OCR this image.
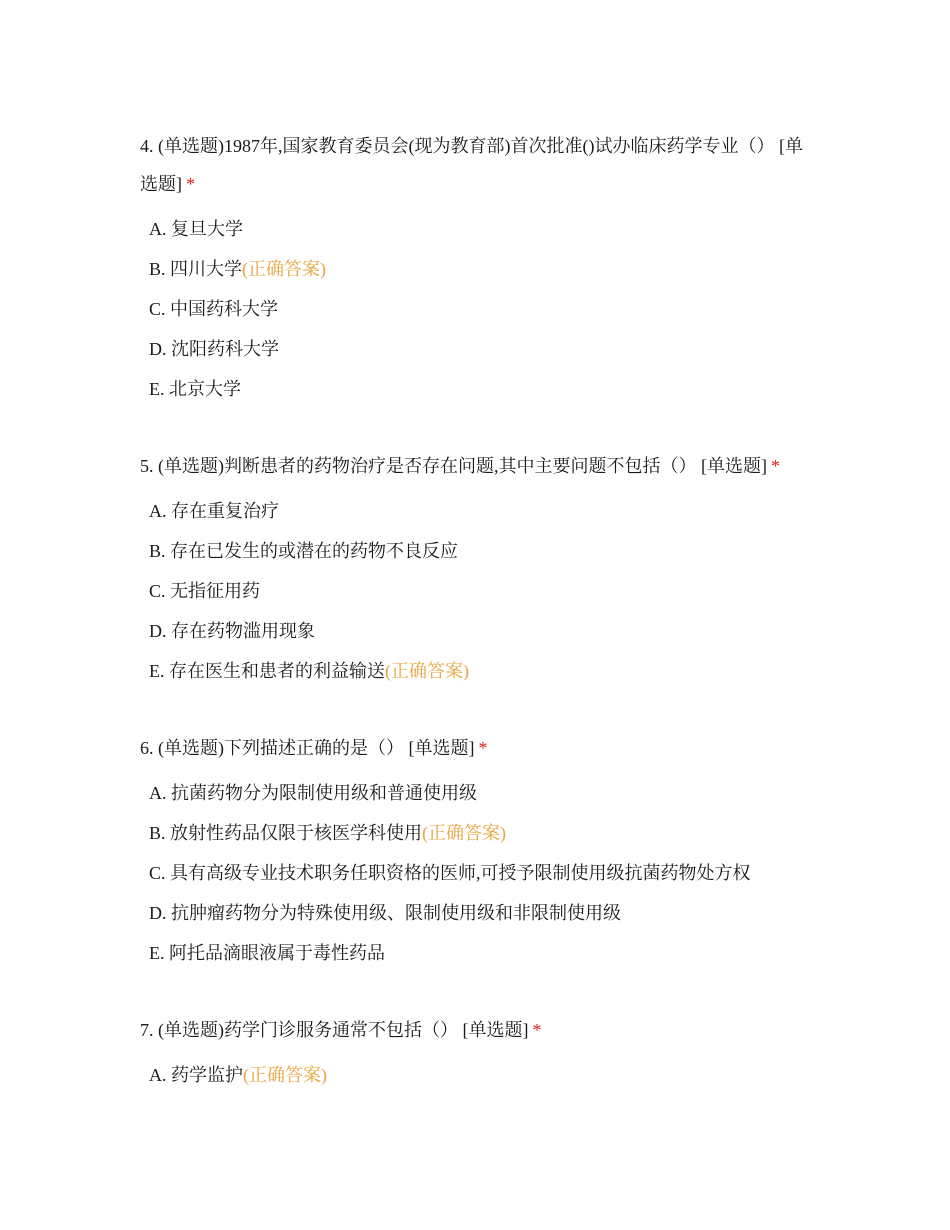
4. (单选题)1987年,国家教育委员会(现为教育部)首次批准()试办临床药学专业（） [单选题] *

A. 复旦大学
B. 四川大学(正确答案)
C. 中国药科大学
D. 沈阳药科大学
E. 北京大学

5. (单选题)判断患者的药物治疗是否存在问题,其中主要问题不包括（） [单选题] *

A. 存在重复治疗
B. 存在已发生的或潜在的药物不良反应
C. 无指征用药
D. 存在药物滥用现象
E. 存在医生和患者的利益输送(正确答案)

6. (单选题)下列描述正确的是（） [单选题] *

A. 抗菌药物分为限制使用级和普通使用级
B. 放射性药品仅限于核医学科使用(正确答案)
C. 具有高级专业技术职务任职资格的医师,可授予限制使用级抗菌药物处方权
D. 抗肿瘤药物分为特殊使用级、限制使用级和非限制使用级
E. 阿托品滴眼液属于毒性药品

7. (单选题)药学门诊服务通常不包括（） [单选题] *

A. 药学监护(正确答案)
